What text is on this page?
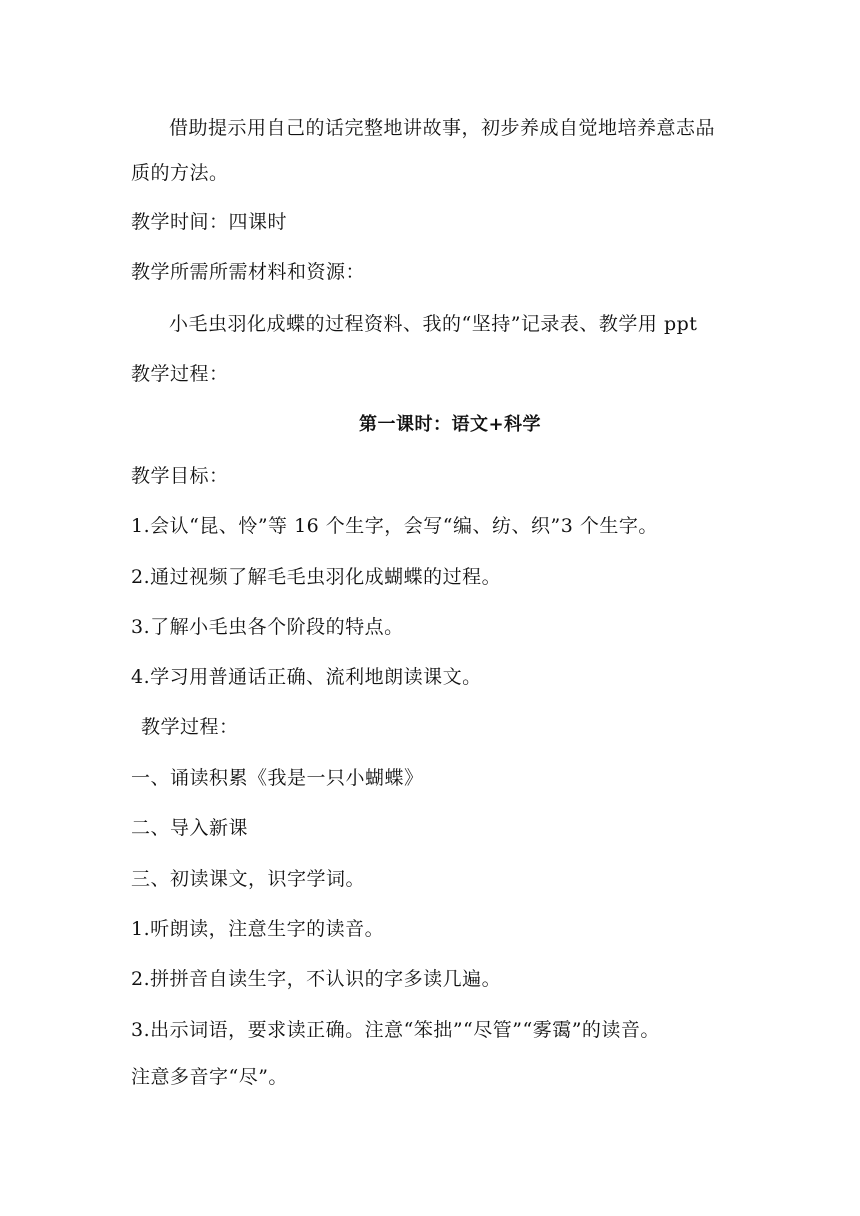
借助提示用自己的话完整地讲故事，初步养成自觉地培养意志品
质的方法。
教学时间：四课时
教学所需所需材料和资源：
小毛虫羽化成蝶的过程资料、我的“坚持”记录表、教学用 ppt
教学过程：
第一课时：语文+科学
教学目标：
1.会认“昆、怜”等 16 个生字，会写“编、纺、织”3 个生字。
2.通过视频了解毛毛虫羽化成蝴蝶的过程。
3.了解小毛虫各个阶段的特点。
4.学习用普通话正确、流利地朗读课文。
教学过程：
一、诵读积累《我是一只小蝴蝶》
二、导入新课
三、初读课文，识字学词。
1.听朗读，注意生字的读音。
2.拼拼音自读生字，不认识的字多读几遍。
3.出示词语，要求读正确。注意“笨拙”“尽管”“雾霭”的读音。
注意多音字“尽”。
